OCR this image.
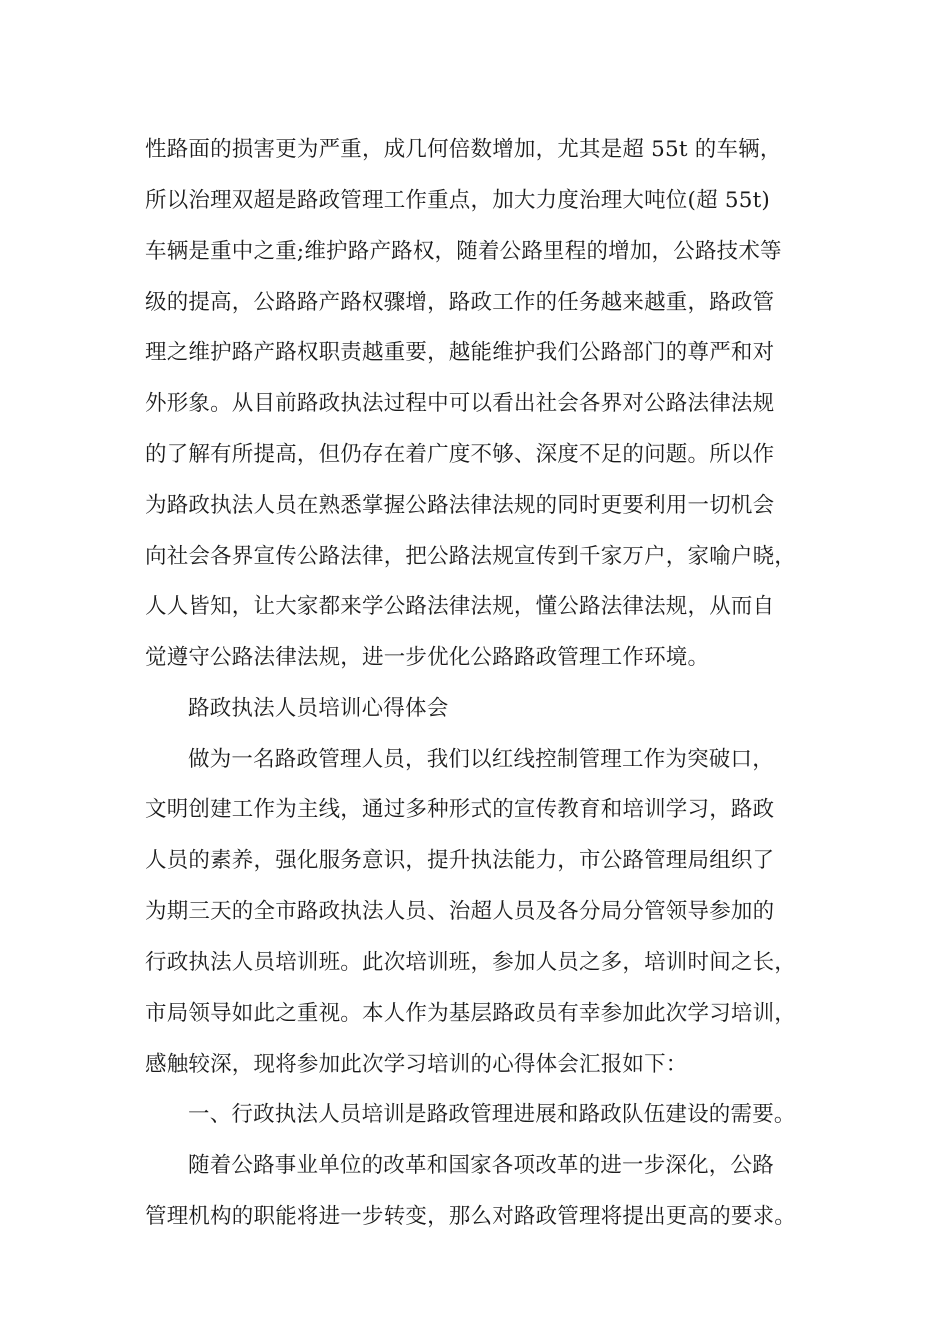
性路面的损害更为严重，成几何倍数增加，尤其是超 55t 的车辆，
所以治理双超是路政管理工作重点，加大力度治理大吨位(超 55t)
车辆是重中之重;维护路产路权，随着公路里程的增加，公路技术等
级的提高，公路路产路权骤增，路政工作的任务越来越重，路政管
理之维护路产路权职责越重要，越能维护我们公路部门的尊严和对
外形象。从目前路政执法过程中可以看出社会各界对公路法律法规
的了解有所提高，但仍存在着广度不够、深度不足的问题。所以作
为路政执法人员在熟悉掌握公路法律法规的同时更要利用一切机会
向社会各界宣传公路法律，把公路法规宣传到千家万户，家喻户晓，
人人皆知，让大家都来学公路法律法规，懂公路法律法规，从而自
觉遵守公路法律法规，进一步优化公路路政管理工作环境。
路政执法人员培训心得体会
做为一名路政管理人员，我们以红线控制管理工作为突破口，
文明创建工作为主线，通过多种形式的宣传教育和培训学习，路政
人员的素养，强化服务意识，提升执法能力，市公路管理局组织了
为期三天的全市路政执法人员、治超人员及各分局分管领导参加的
行政执法人员培训班。此次培训班，参加人员之多，培训时间之长，
市局领导如此之重视。本人作为基层路政员有幸参加此次学习培训，
感触较深，现将参加此次学习培训的心得体会汇报如下：
一、行政执法人员培训是路政管理进展和路政队伍建设的需要。
随着公路事业单位的改革和国家各项改革的进一步深化，公路
管理机构的职能将进一步转变，那么对路政管理将提出更高的要求。
